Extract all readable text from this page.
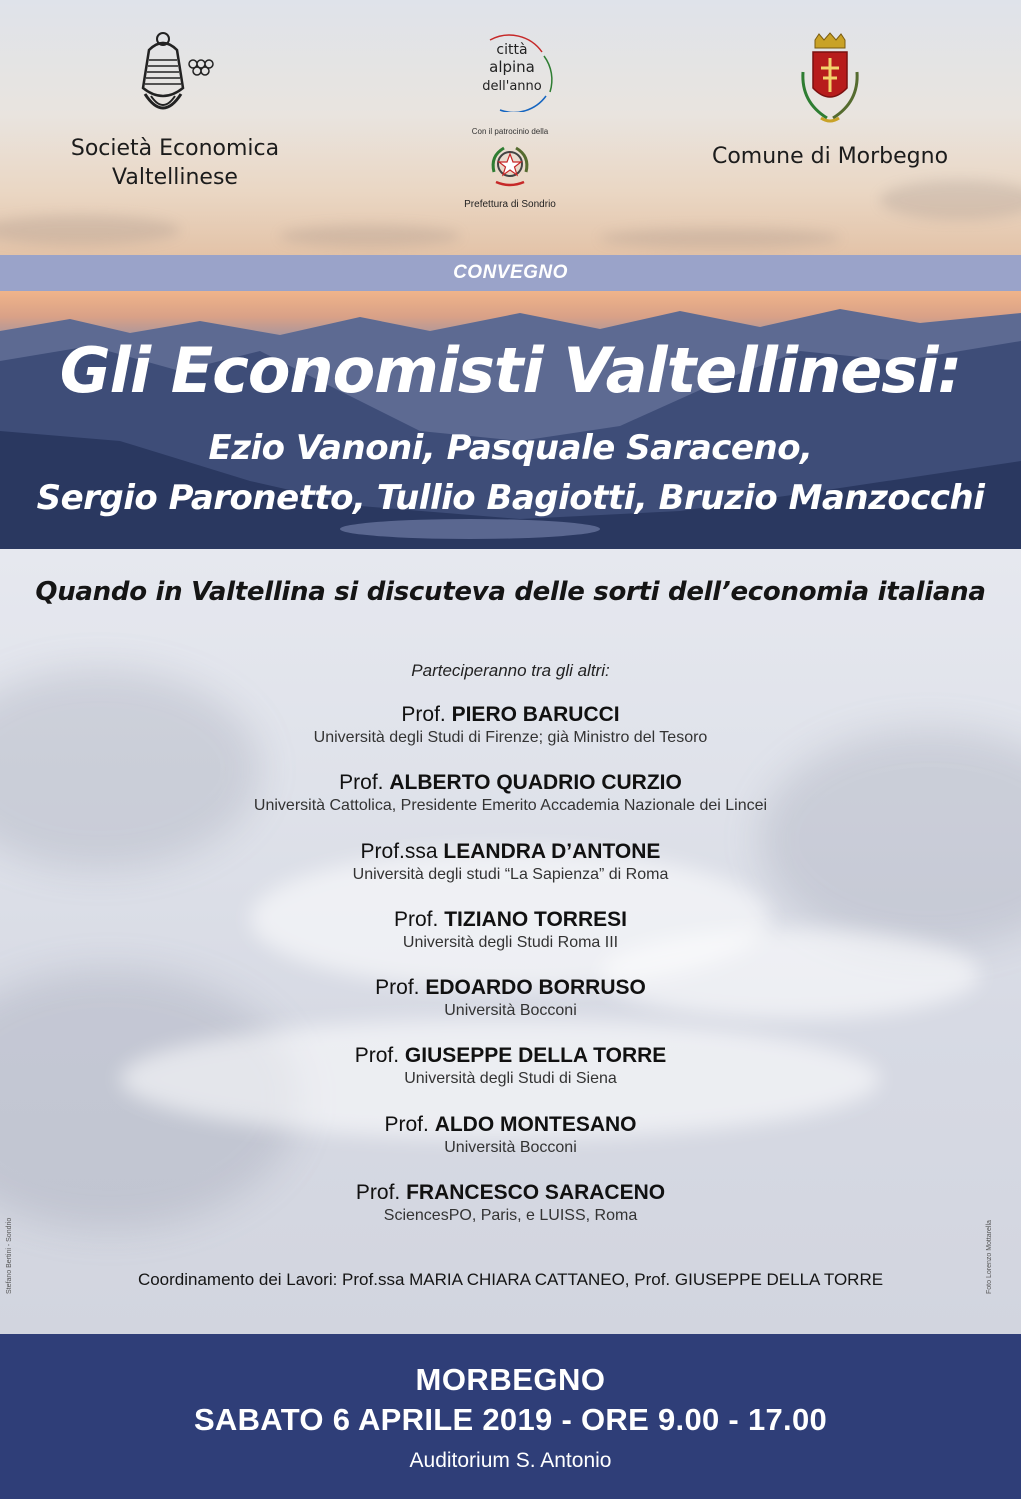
Società Economica
Valtellinese
città
alpina
dell'anno
Con il patrocinio della
Prefettura di Sondrio
Comune di Morbegno
CONVEGNO
Gli Economisti Valtellinesi:
Ezio Vanoni, Pasquale Saraceno,
Sergio Paronetto, Tullio Bagiotti, Bruzio Manzocchi
Quando in Valtellina si discuteva delle sorti dell’economia italiana
Parteciperanno tra gli altri:
Prof. PIERO BARUCCI
Università degli Studi di Firenze; già Ministro del Tesoro
Prof. ALBERTO QUADRIO CURZIO
Università Cattolica, Presidente Emerito Accademia Nazionale dei Lincei
Prof.ssa LEANDRA D’ANTONE
Università degli studi “La Sapienza” di Roma
Prof. TIZIANO TORRESI
Università degli Studi Roma III
Prof. EDOARDO BORRUSO
Università Bocconi
Prof. GIUSEPPE DELLA TORRE
Università degli Studi di Siena
Prof. ALDO MONTESANO
Università Bocconi
Prof. FRANCESCO SARACENO
SciencesPO, Paris, e LUISS, Roma
Coordinamento dei Lavori: Prof.ssa MARIA CHIARA CATTANEO, Prof. GIUSEPPE DELLA TORRE
Stefano Bertini - Sondrio	Foto Lorenzo Mottarella
MORBEGNO
SABATO 6 APRILE 2019 - ORE 9.00 - 17.00
Auditorium S. Antonio
